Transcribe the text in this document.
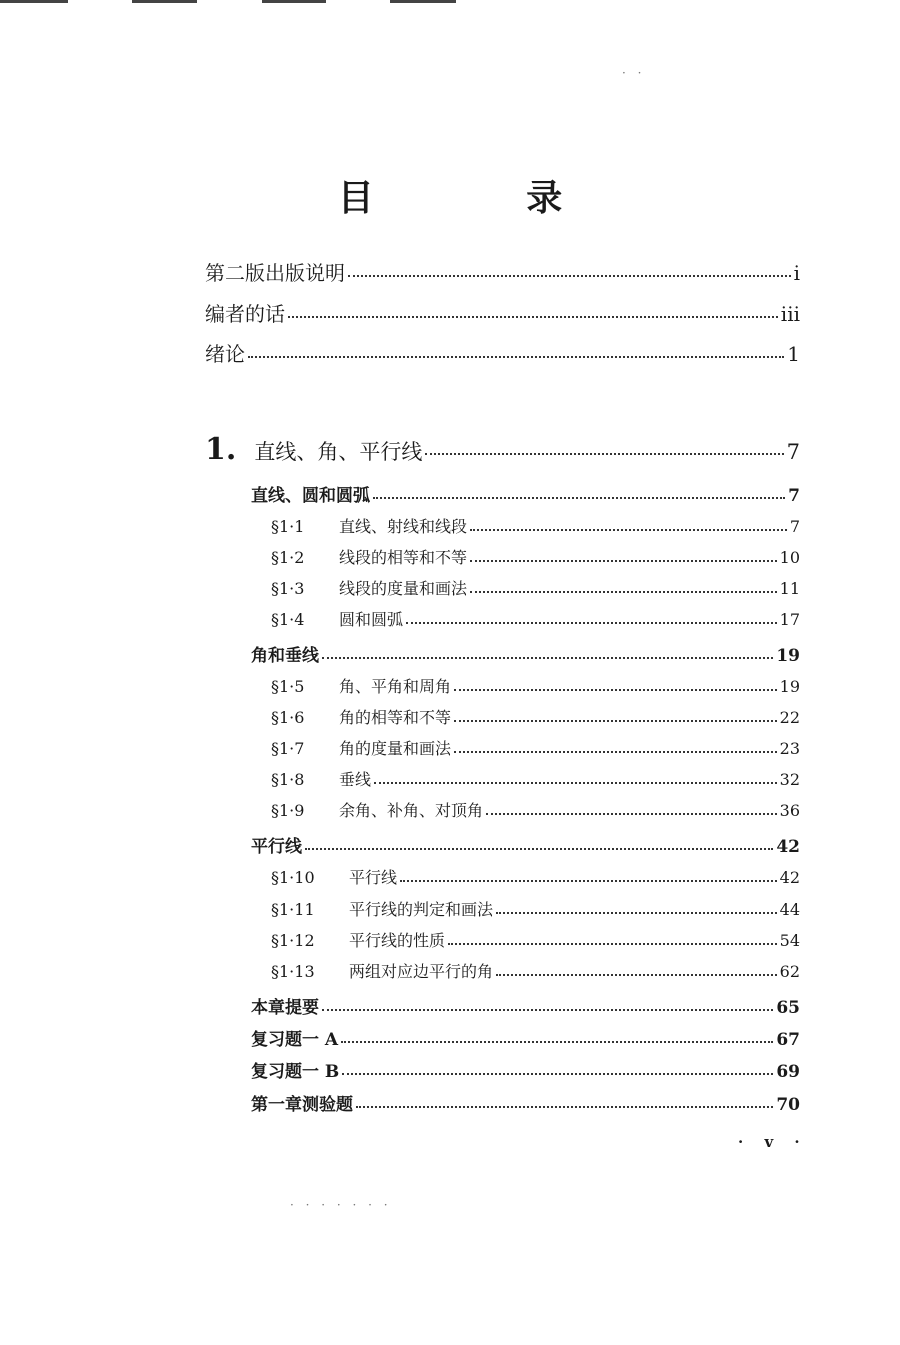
目 录
第二版出版说明	i
编者的话	iii
绪论	1
1. 直线、角、平行线	7
直线、圆和圆弧	7
§1·1	直线、射线和线段	7
§1·2	线段的相等和不等	10
§1·3	线段的度量和画法	11
§1·4	圆和圆弧	17
角和垂线	19
§1·5	角、平角和周角	19
§1·6	角的相等和不等	22
§1·7	角的度量和画法	23
§1·8	垂线	32
§1·9	余角、补角、对顶角	36
平行线	42
§1·10	平行线	42
§1·11	平行线的判定和画法	44
§1·12	平行线的性质	54
§1·13	两组对应边平行的角	62
本章提要	65
复习题一 A	67
复习题一 B	69
第一章测验题	70
· v ·
· ·
· · · · · · ·
